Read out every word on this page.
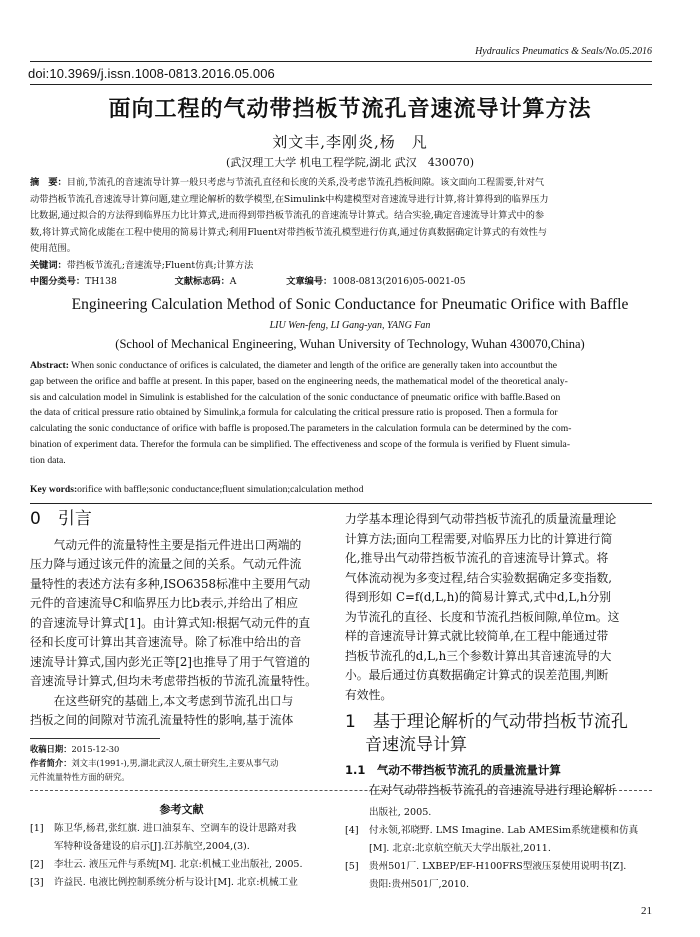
Hydraulics Pneumatics & Seals/No.05.2016
doi:10.3969/j.issn.1008-0813.2016.05.006
面向工程的气动带挡板节流孔音速流导计算方法
刘文丰,李刚炎,杨　凡
(武汉理工大学 机电工程学院,湖北 武汉　430070)
摘　要：目前,节流孔的音速流导计算一般只考虑与节流孔直径和长度的关系,没考虑节流孔挡板间隙。该文面向工程需要,针对气
动带挡板节流孔音速流导计算问题,建立理论解析的数学模型,在Simulink中构建模型对音速流导进行计算,将计算得到的临界压力
比数据,通过拟合的方法得到临界压力比计算式,进而得到带挡板节流孔的音速流导计算式。结合实验,确定音速流导计算式中的参
数,将计算式简化成能在工程中使用的简易计算式;利用Fluent对带挡板节流孔模型进行仿真,通过仿真数据确定计算式的有效性与
使用范围。
关键词：带挡板节流孔;音速流导;Fluent仿真;计算方法
中图分类号：TH138	文献标志码：A	文章编号：1008-0813(2016)05-0021-05
Engineering Calculation Method of Sonic Conductance for Pneumatic Orifice with Baffle
LIU Wen-feng, LI Gang-yan, YANG Fan
(School of Mechanical Engineering, Wuhan University of Technology, Wuhan 430070,China)
Abstract: When sonic conductance of orifices is calculated, the diameter and length of the orifice are generally taken into accountbut the
gap between the orifice and baffle at present. In this paper, based on the engineering needs, the mathematical model of the theoretical analy-
sis and calculation model in Simulink is established for the calculation of the sonic conductance of pneumatic orifice with baffle.Based on
the data of critical pressure ratio obtained by Simulink,a formula for calculating the critical pressure ratio is proposed. Then a formula for
calculating the sonic conductance of orifice with baffle is proposed.The parameters in the calculation formula can be determined by the com-
bination of experiment data. Therefor the formula can be simplified. The effectiveness and scope of the formula is verified by Fluent simula-
tion data.
Key words:orifice with baffle;sonic conductance;fluent simulation;calculation method
0　引言

气动元件的流量特性主要是指元件进出口两端的

压力降与通过该元件的流量之间的关系。气动元件流

量特性的表述方法有多种,ISO6358标准中主要用气动

元件的音速流导C和临界压力比b表示,并给出了相应

的音速流导计算式[1]。由计算式知:根据气动元件的直

径和长度可计算出其音速流导。除了标准中给出的音

速流导计算式,国内彭光正等[2]也推导了用于气管道的

音速流导计算式,但均未考虑带挡板的节流孔流量特性。

在这些研究的基础上,本文考虑到节流孔出口与

挡板之间的间隙对节流孔流量特性的影响,基于流体

收稿日期：2015-12-30
作者简介：刘文丰(1991-),男,湖北武汉人,硕士研究生,主要从事气动
元件流量特性方面的研究。

力学基本理论得到气动带挡板节流孔的质量流量理论

计算方法;面向工程需要,对临界压力比的计算进行简

化,推导出气动带挡板节流孔的音速流导计算式。将

气体流动视为多变过程,结合实验数据确定多变指数,

得到形如 C=f(d,L,h)的简易计算式,式中d,L,h分别

为节流孔的直径、长度和节流孔挡板间隙,单位m。这

样的音速流导计算式就比较简单,在工程中能通过带

挡板节流孔的d,L,h三个参数计算出其音速流导的大

小。最后通过仿真数据确定计算式的误差范围,判断

有效性。

1　基于理论解析的气动带挡板节流孔
音速流导计算
1.1　气动不带挡板节流孔的质量流量计算

在对气动带挡板节流孔的音速流导进行理论解析

参考文献
[1] 陈卫华,杨君,张红旗. 进口油泵车、空调车的设计思路对我
军特种设备建设的启示[J].江苏航空,2004,(3).
[2] 李壮云. 液压元件与系统[M]. 北京:机械工业出版社, 2005.
[3] 许益民. 电液比例控制系统分析与设计[M]. 北京:机械工业
出版社, 2005.
[4] 付永领,祁晓野. LMS Imagine. Lab AMESim系统建模和仿真
[M]. 北京:北京航空航天大学出版社,2011.
[5] 贵州501厂. LXBEP/EF-H100FRS型液压泵使用说明书[Z].
贵阳:贵州501厂,2010.
21
